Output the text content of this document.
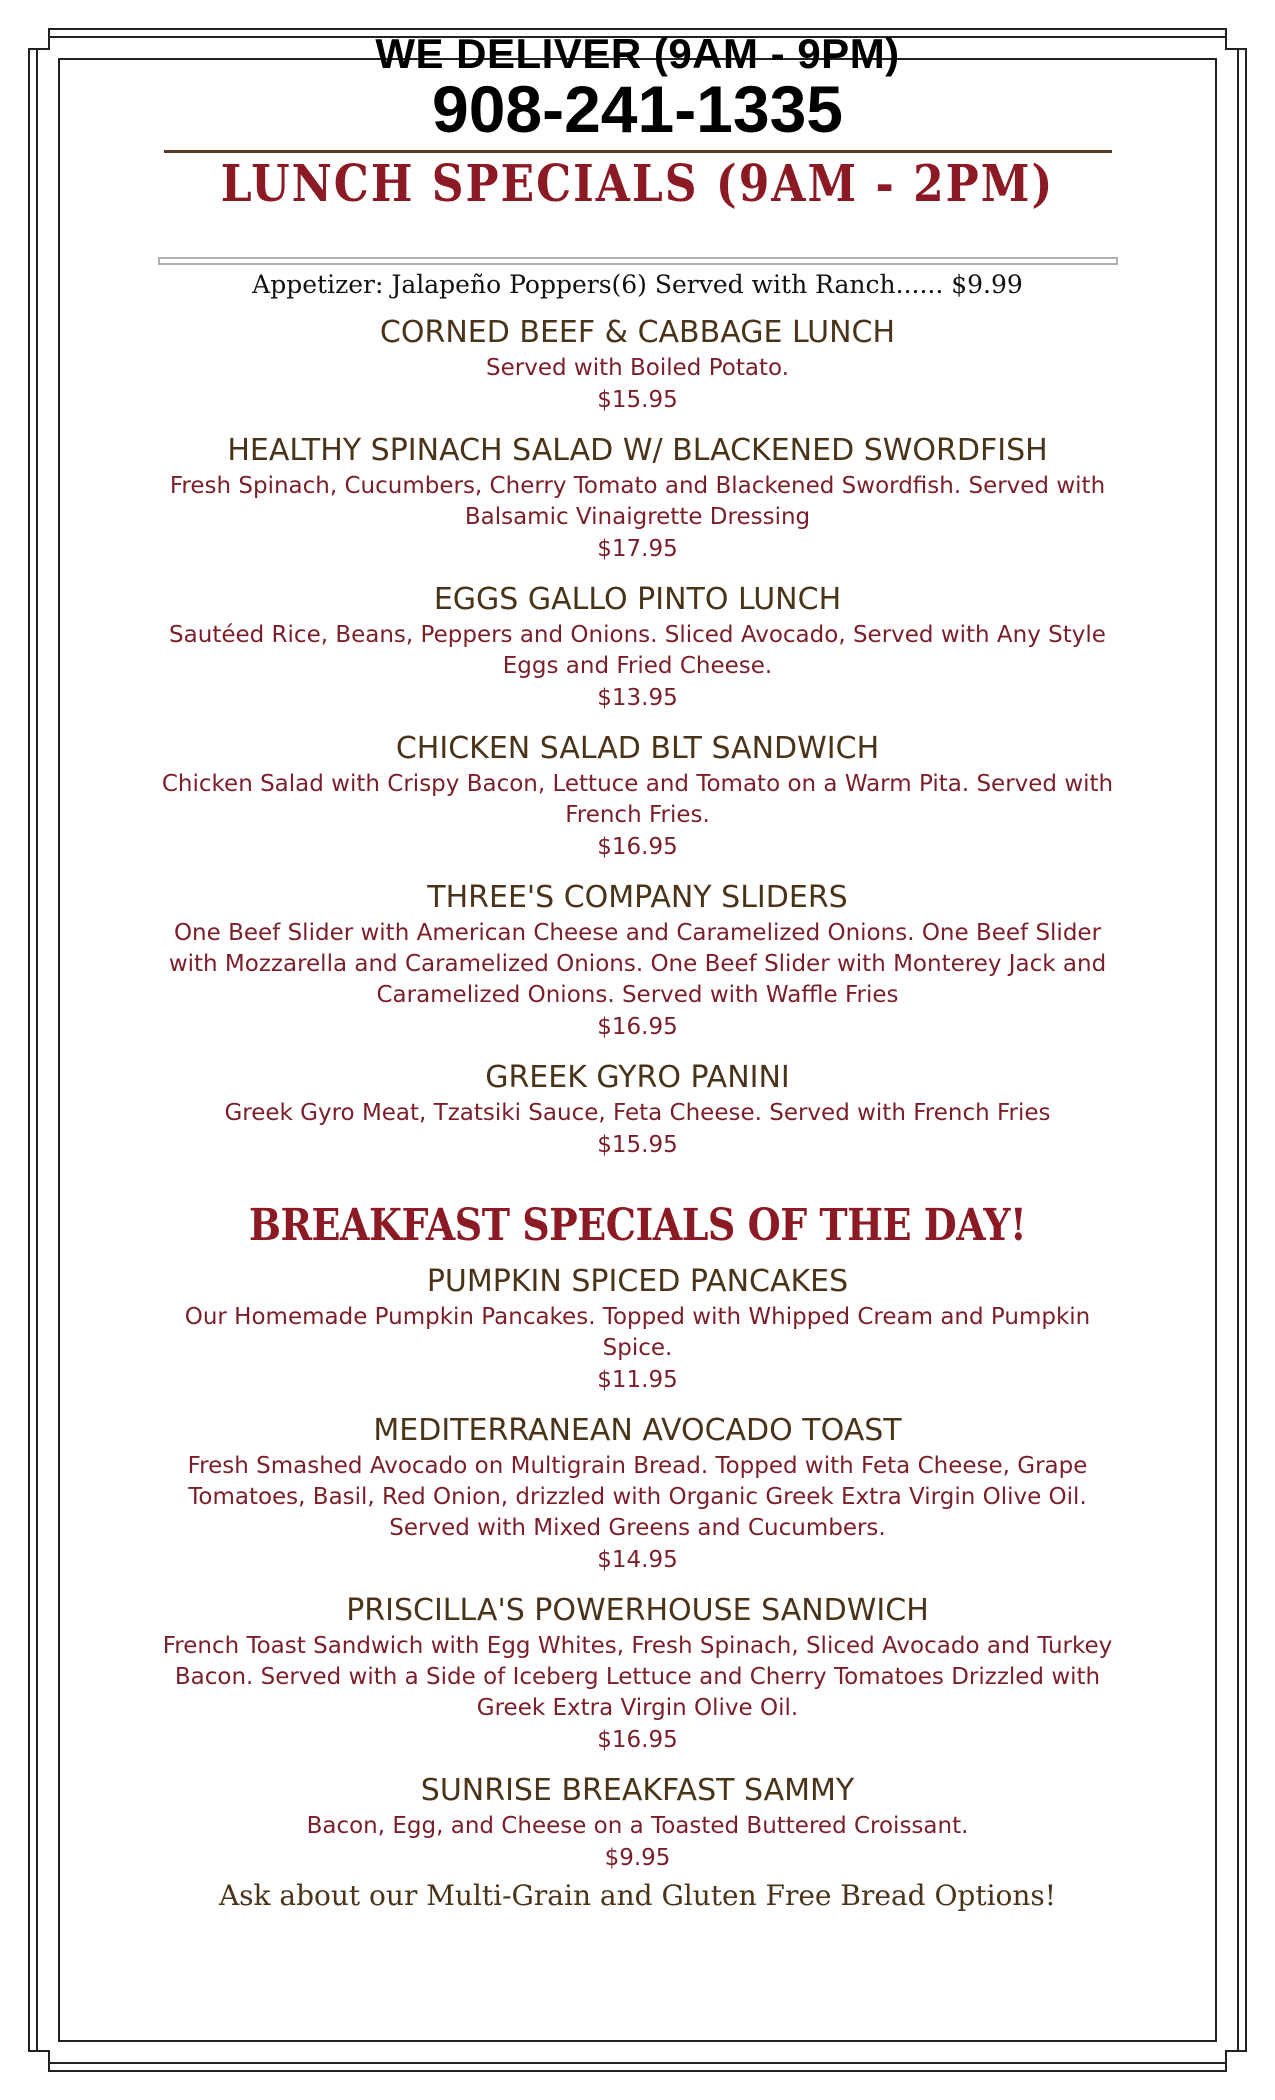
WE DELIVER (9AM - 9PM)
908-241-1335
LUNCH SPECIALS (9AM - 2PM)
Appetizer: Jalapeño Poppers(6) Served with Ranch...... $9.99
CORNED BEEF & CABBAGE LUNCH
Served with Boiled Potato.
$15.95
HEALTHY SPINACH SALAD W/ BLACKENED SWORDFISH
Fresh Spinach, Cucumbers, Cherry Tomato and Blackened Swordfish. Served with Balsamic Vinaigrette Dressing
$17.95
EGGS GALLO PINTO LUNCH
Sautéed Rice, Beans, Peppers and Onions. Sliced Avocado, Served with Any Style Eggs and Fried Cheese.
$13.95
CHICKEN SALAD BLT SANDWICH
Chicken Salad with Crispy Bacon, Lettuce and Tomato on a Warm Pita. Served with French Fries.
$16.95
THREE'S COMPANY SLIDERS
One Beef Slider with American Cheese and Caramelized Onions. One Beef Slider with Mozzarella and Caramelized Onions. One Beef Slider with Monterey Jack and Caramelized Onions. Served with Waffle Fries
$16.95
GREEK GYRO PANINI
Greek Gyro Meat, Tzatsiki Sauce, Feta Cheese. Served with French Fries
$15.95
BREAKFAST SPECIALS OF THE DAY!
PUMPKIN SPICED PANCAKES
Our Homemade Pumpkin Pancakes. Topped with Whipped Cream and Pumpkin Spice.
$11.95
MEDITERRANEAN AVOCADO TOAST
Fresh Smashed Avocado on Multigrain Bread. Topped with Feta Cheese, Grape Tomatoes, Basil, Red Onion, drizzled with Organic Greek Extra Virgin Olive Oil. Served with Mixed Greens and Cucumbers.
$14.95
PRISCILLA'S POWERHOUSE SANDWICH
French Toast Sandwich with Egg Whites, Fresh Spinach, Sliced Avocado and Turkey Bacon. Served with a Side of Iceberg Lettuce and Cherry Tomatoes Drizzled with Greek Extra Virgin Olive Oil.
$16.95
SUNRISE BREAKFAST SAMMY
Bacon, Egg, and Cheese on a Toasted Buttered Croissant.
$9.95
Ask about our Multi-Grain and Gluten Free Bread Options!
